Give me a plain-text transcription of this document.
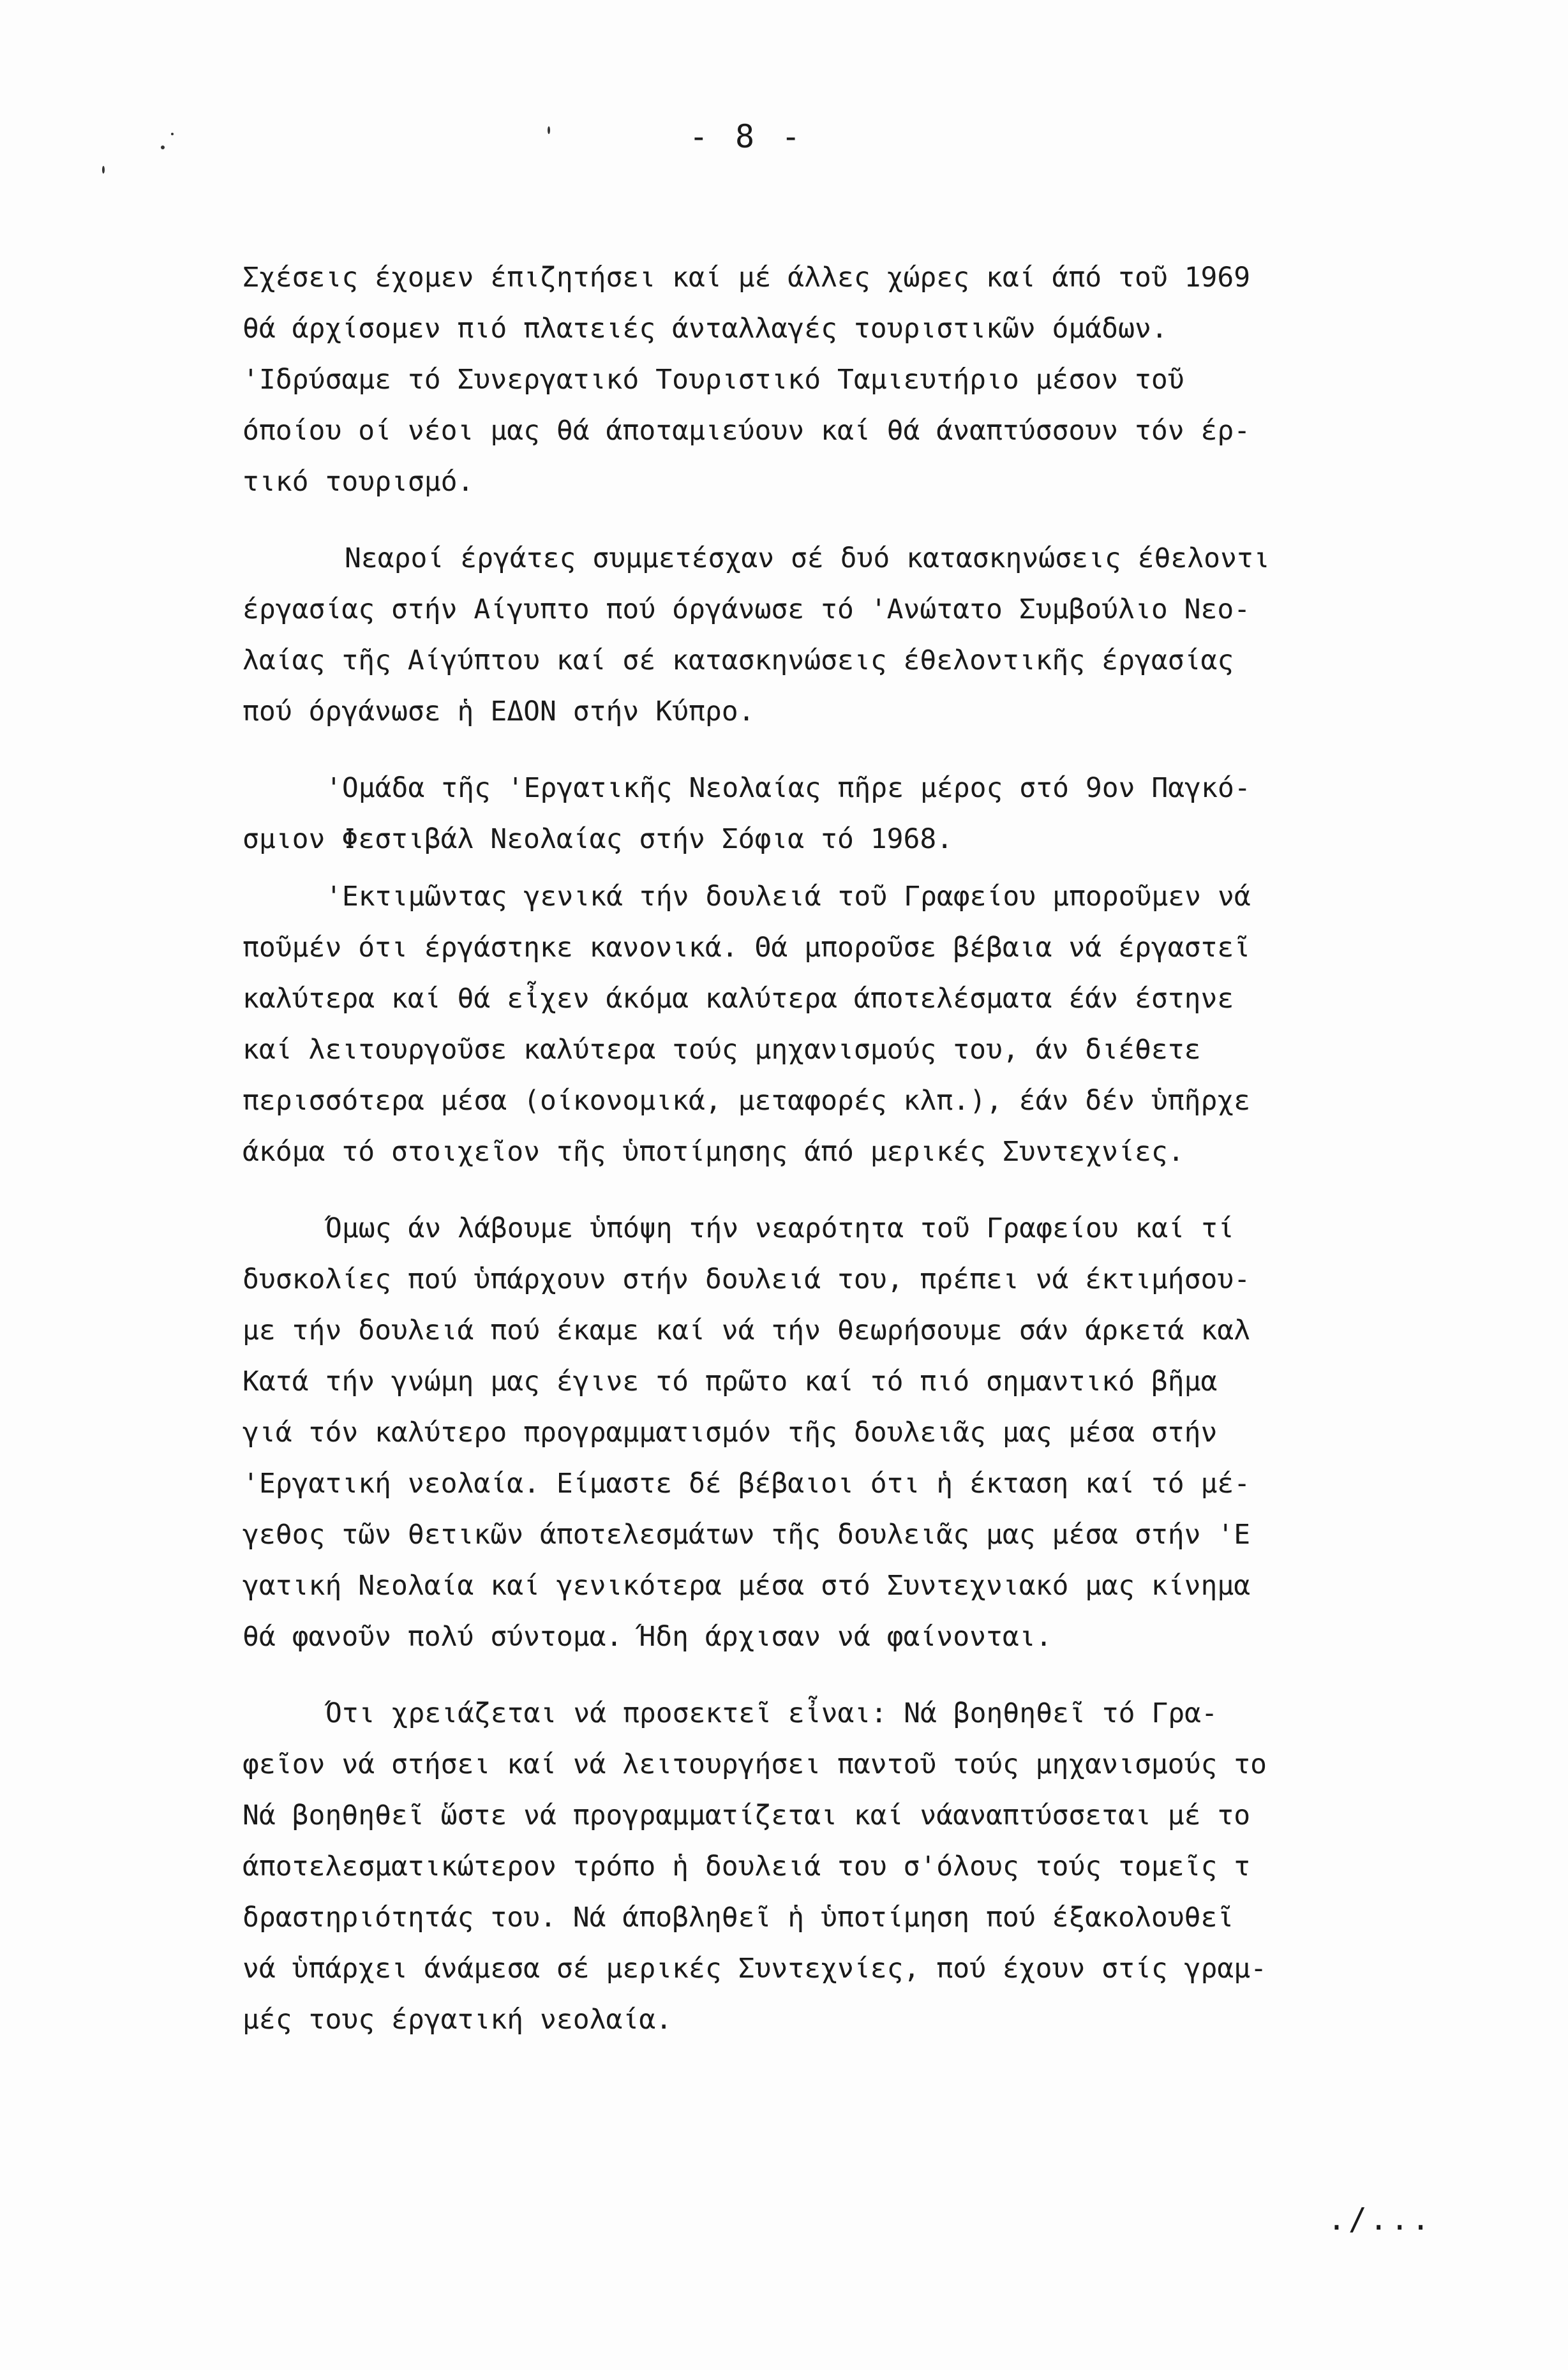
- 8 -
Σχέσεις έχομεν έπιζητήσει καί μέ άλλες χώρες καί άπό τοῦ 1969
θά άρχίσομεν πιό πλατειές άνταλλαγές τουριστικῶν όμάδων.
'Ιδρύσαμε τό Συνεργατικό Τουριστικό Ταμιευτήριο μέσον τοῦ
όποίου οί νέοι μας θά άποταμιεύουν καί θά άναπτύσσουν τόν έρ-
τικό τουρισμό.
Νεαροί έργάτες συμμετέσχαν σέ δυό κατασκηνώσεις έθελοντι
έργασίας στήν Αίγυπτο πού όργάνωσε τό 'Ανώτατο Συμβούλιο Νεο-
λαίας τῆς Αίγύπτου καί σέ κατασκηνώσεις έθελοντικῆς έργασίας
πού όργάνωσε ἡ ΕΔΟΝ στήν Κύπρο.
'Ομάδα τῆς 'Εργατικῆς Νεολαίας πῆρε μέρος στό 9ον Παγκό-
σμιον Φεστιβάλ Νεολαίας στήν Σόφια τό 1968.
'Εκτιμῶντας γενικά τήν δουλειά τοῦ Γραφείου μποροῦμεν νά
ποῦμέν ότι έργάστηκε κανονικά. Θά μποροῦσε βέβαια νά έργαστεῖ
καλύτερα καί θά εἶχεν άκόμα καλύτερα άποτελέσματα έάν έστηνε
καί λειτουργοῦσε καλύτερα τούς μηχανισμούς του, άν διέθετε
περισσότερα μέσα (οίκονομικά, μεταφορές κλπ.), έάν δέν ὑπῆρχε
άκόμα τό στοιχεῖον τῆς ὑποτίμησης άπό μερικές Συντεχνίες.
Όμως άν λάβουμε ὑπόψη τήν νεαρότητα τοῦ Γραφείου καί τί
δυσκολίες πού ὑπάρχουν στήν δουλειά του, πρέπει νά έκτιμήσου-
με τήν δουλειά πού έκαμε καί νά τήν θεωρήσουμε σάν άρκετά καλ
Κατά τήν γνώμη μας έγινε τό πρῶτο καί τό πιό σημαντικό βῆμα
γιά τόν καλύτερο προγραμματισμόν τῆς δουλειᾶς μας μέσα στήν
'Εργατική νεολαία. Είμαστε δέ βέβαιοι ότι ἡ έκταση καί τό μέ-
γεθος τῶν θετικῶν άποτελεσμάτων τῆς δουλειᾶς μας μέσα στήν 'Ε
γατική Νεολαία καί γενικότερα μέσα στό Συντεχνιακό μας κίνημα
θά φανοῦν πολύ σύντομα. Ήδη άρχισαν νά φαίνονται.
Ότι χρειάζεται νά προσεκτεῖ εἶναι: Νά βοηθηθεῖ τό Γρα-
φεῖον νά στήσει καί νά λειτουργήσει παντοῦ τούς μηχανισμούς το
Νά βοηθηθεῖ ὥστε νά προγραμματίζεται καί νάαναπτύσσεται μέ το
άποτελεσματικώτερον τρόπο ἡ δουλειά του σ'όλους τούς τομεῖς τ
δραστηριότητάς του. Νά άποβληθεῖ ἡ ὑποτίμηση πού έξακολουθεῖ
νά ὑπάρχει άνάμεσα σέ μερικές Συντεχνίες, πού έχουν στίς γραμ-
μές τους έργατική νεολαία.
./...
